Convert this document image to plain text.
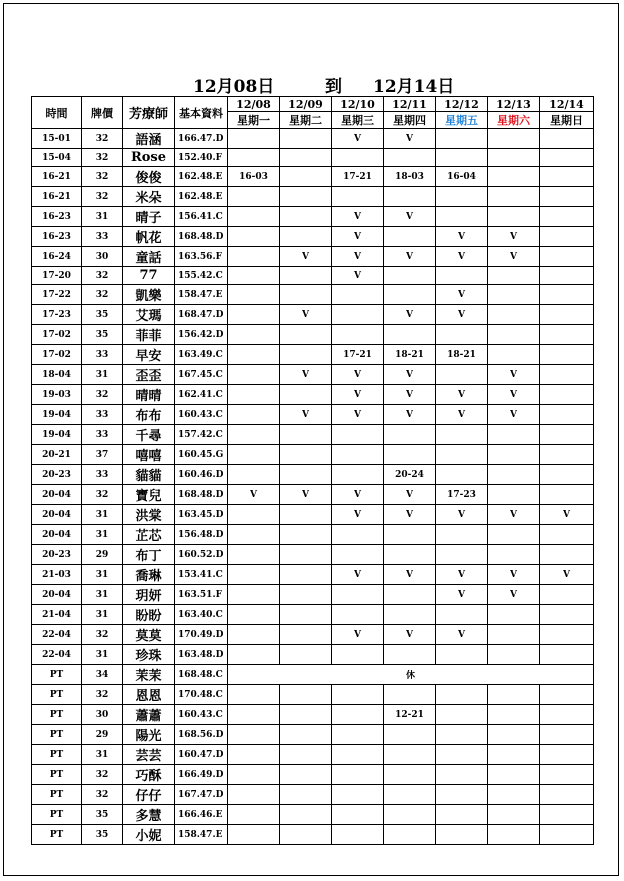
12月08日	到 12月14日
時間	牌價	芳療師	基本資料	12/08	12/09	12/10	12/11	12/12	12/13	12/14
				星期一	星期二	星期三	星期四	星期五	星期六	星期日
15-01	32	語涵	166.47.D			V	V			
15-04	32	Rose	152.40.F							
16-21	32	俊俊	162.48.E	16-03		17-21	18-03	16-04		
16-21	32	米朵	162.48.E							
16-23	31	晴子	156.41.C			V	V			
16-23	33	帆花	168.48.D			V		V	V	
16-24	30	童話	163.56.F		V	V	V	V	V	
17-20	32	77	155.42.C			V				
17-22	32	凱樂	158.47.E					V		
17-23	35	艾瑪	168.47.D		V		V	V		
17-02	35	菲菲	156.42.D							
17-02	33	早安	163.49.C			17-21	18-21	18-21		
18-04	31	歪歪	167.45.C		V	V	V		V	
19-03	32	晴晴	162.41.C			V	V	V	V	
19-04	33	布布	160.43.C		V	V	V	V	V	
19-04	33	千尋	157.42.C							
20-21	37	嘻嘻	160.45.G							
20-23	33	貓貓	160.46.D				20-24			
20-04	32	寶兒	168.48.D	V	V	V	V	17-23		
20-04	31	洪棠	163.45.D			V	V	V	V	V
20-04	31	芷芯	156.48.D							
20-23	29	布丁	160.52.D							
21-03	31	喬琳	153.41.C			V	V	V	V	V
20-04	31	玥妍	163.51.F					V	V	
21-04	31	盼盼	163.40.C							
22-04	32	莫莫	170.49.D			V	V	V		
22-04	31	珍珠	163.48.D							
PT	34	茉茉	168.48.C	休						
PT	32	恩恩	170.48.C							
PT	30	蕭蕭	160.43.C				12-21			
PT	29	陽光	168.56.D							
PT	31	芸芸	160.47.D							
PT	32	巧酥	166.49.D							
PT	32	仔仔	167.47.D							
PT	35	多慧	166.46.E							
PT	35	小妮	158.47.E							
